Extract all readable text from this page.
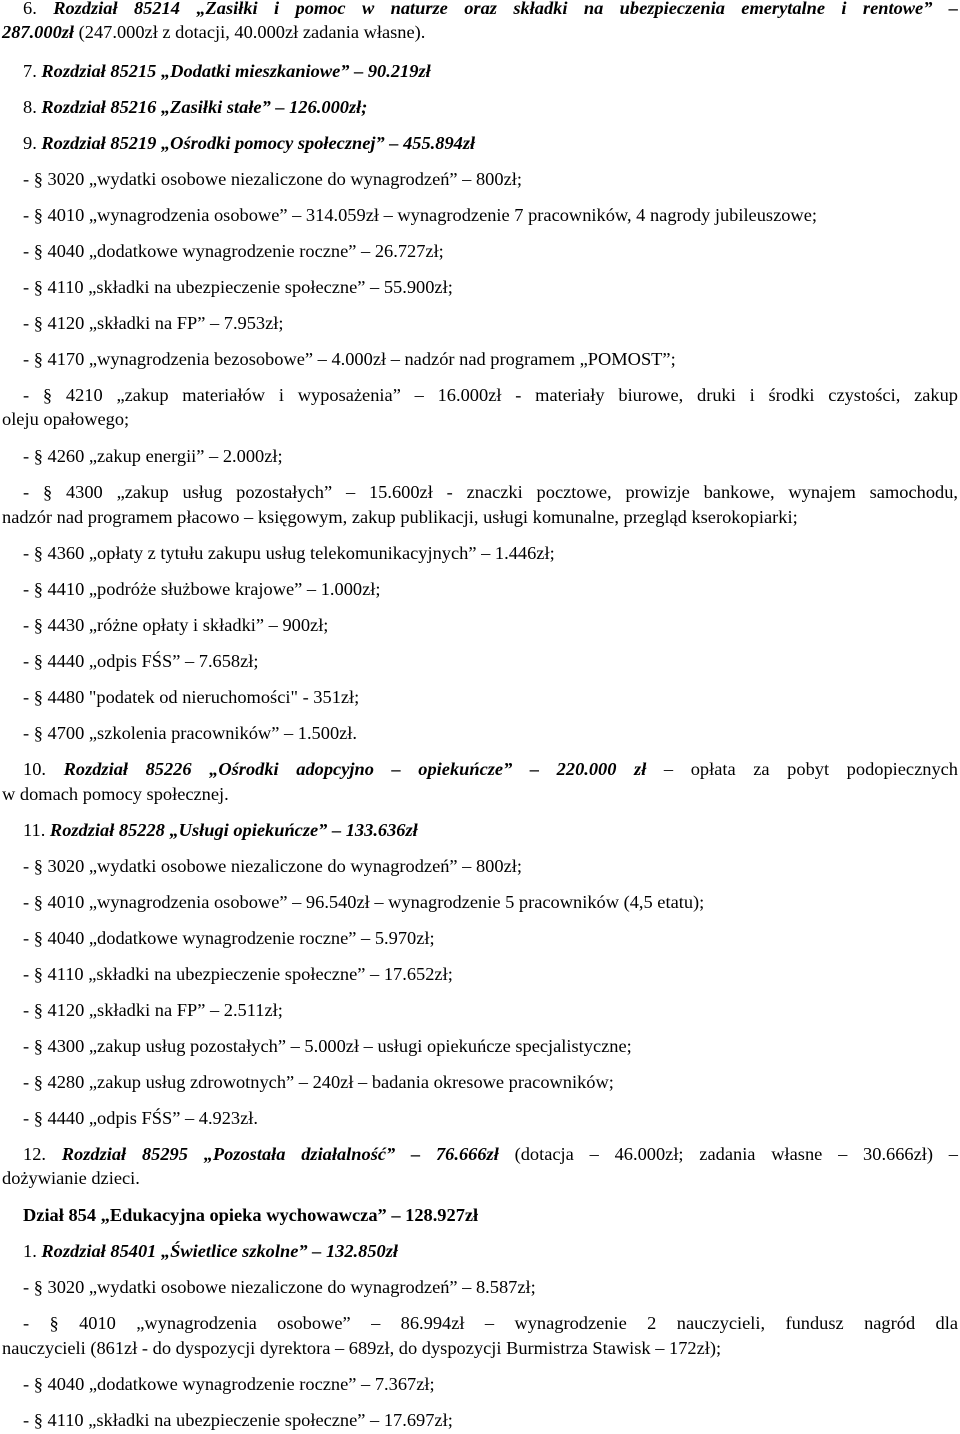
6. Rozdział 85214 „Zasiłki i pomoc w naturze oraz składki na ubezpieczenia emerytalne i rentowe” –
287.000zł (247.000zł z dotacji, 40.000zł zadania własne).
7. Rozdział 85215 „Dodatki mieszkaniowe” – 90.219zł
8. Rozdział 85216 „Zasiłki stałe” – 126.000zł;
9. Rozdział 85219 „Ośrodki pomocy społecznej” – 455.894zł
- § 3020 „wydatki osobowe niezaliczone do wynagrodzeń” – 800zł;
- § 4010 „wynagrodzenia osobowe” – 314.059zł – wynagrodzenie 7 pracowników, 4 nagrody jubileuszowe;
- § 4040 „dodatkowe wynagrodzenie roczne” – 26.727zł;
- § 4110 „składki na ubezpieczenie społeczne” – 55.900zł;
- § 4120 „składki na FP” – 7.953zł;
- § 4170 „wynagrodzenia bezosobowe” – 4.000zł – nadzór nad programem „POMOST”;
- § 4210 „zakup materiałów i wyposażenia” – 16.000zł - materiały biurowe, druki i środki czystości, zakup
oleju opałowego;
- § 4260 „zakup energii” – 2.000zł;
- § 4300 „zakup usług pozostałych” – 15.600zł - znaczki pocztowe, prowizje bankowe, wynajem samochodu,
nadzór nad programem płacowo – księgowym, zakup publikacji, usługi komunalne, przegląd kserokopiarki;
- § 4360 „opłaty z tytułu zakupu usług telekomunikacyjnych” – 1.446zł;
- § 4410 „podróże służbowe krajowe” – 1.000zł;
- § 4430 „różne opłaty i składki” – 900zł;
- § 4440 „odpis FŚS” – 7.658zł;
- § 4480 "podatek od nieruchomości" - 351zł;
- § 4700 „szkolenia pracowników” – 1.500zł.
10. Rozdział 85226 „Ośrodki adopcyjno – opiekuńcze” – 220.000 zł – opłata za pobyt podopiecznych
w domach pomocy społecznej.
11. Rozdział 85228 „Usługi opiekuńcze” – 133.636zł
- § 3020 „wydatki osobowe niezaliczone do wynagrodzeń” – 800zł;
- § 4010 „wynagrodzenia osobowe” – 96.540zł – wynagrodzenie 5 pracowników (4,5 etatu);
- § 4040 „dodatkowe wynagrodzenie roczne” – 5.970zł;
- § 4110 „składki na ubezpieczenie społeczne” – 17.652zł;
- § 4120 „składki na FP” – 2.511zł;
- § 4300 „zakup usług pozostałych” – 5.000zł – usługi opiekuńcze specjalistyczne;
- § 4280 „zakup usług zdrowotnych” – 240zł – badania okresowe pracowników;
- § 4440 „odpis FŚS” – 4.923zł.
12. Rozdział 85295 „Pozostała działalność” – 76.666zł (dotacja – 46.000zł; zadania własne – 30.666zł) –
dożywianie dzieci.
Dział 854 „Edukacyjna opieka wychowawcza” – 128.927zł
1. Rozdział 85401 „Świetlice szkolne” – 132.850zł
- § 3020 „wydatki osobowe niezaliczone do wynagrodzeń” – 8.587zł;
- § 4010 „wynagrodzenia osobowe” – 86.994zł – wynagrodzenie 2 nauczycieli, fundusz nagród dla
nauczycieli (861zł - do dyspozycji dyrektora – 689zł, do dyspozycji Burmistrza Stawisk – 172zł);
- § 4040 „dodatkowe wynagrodzenie roczne” – 7.367zł;
- § 4110 „składki na ubezpieczenie społeczne” – 17.697zł;
